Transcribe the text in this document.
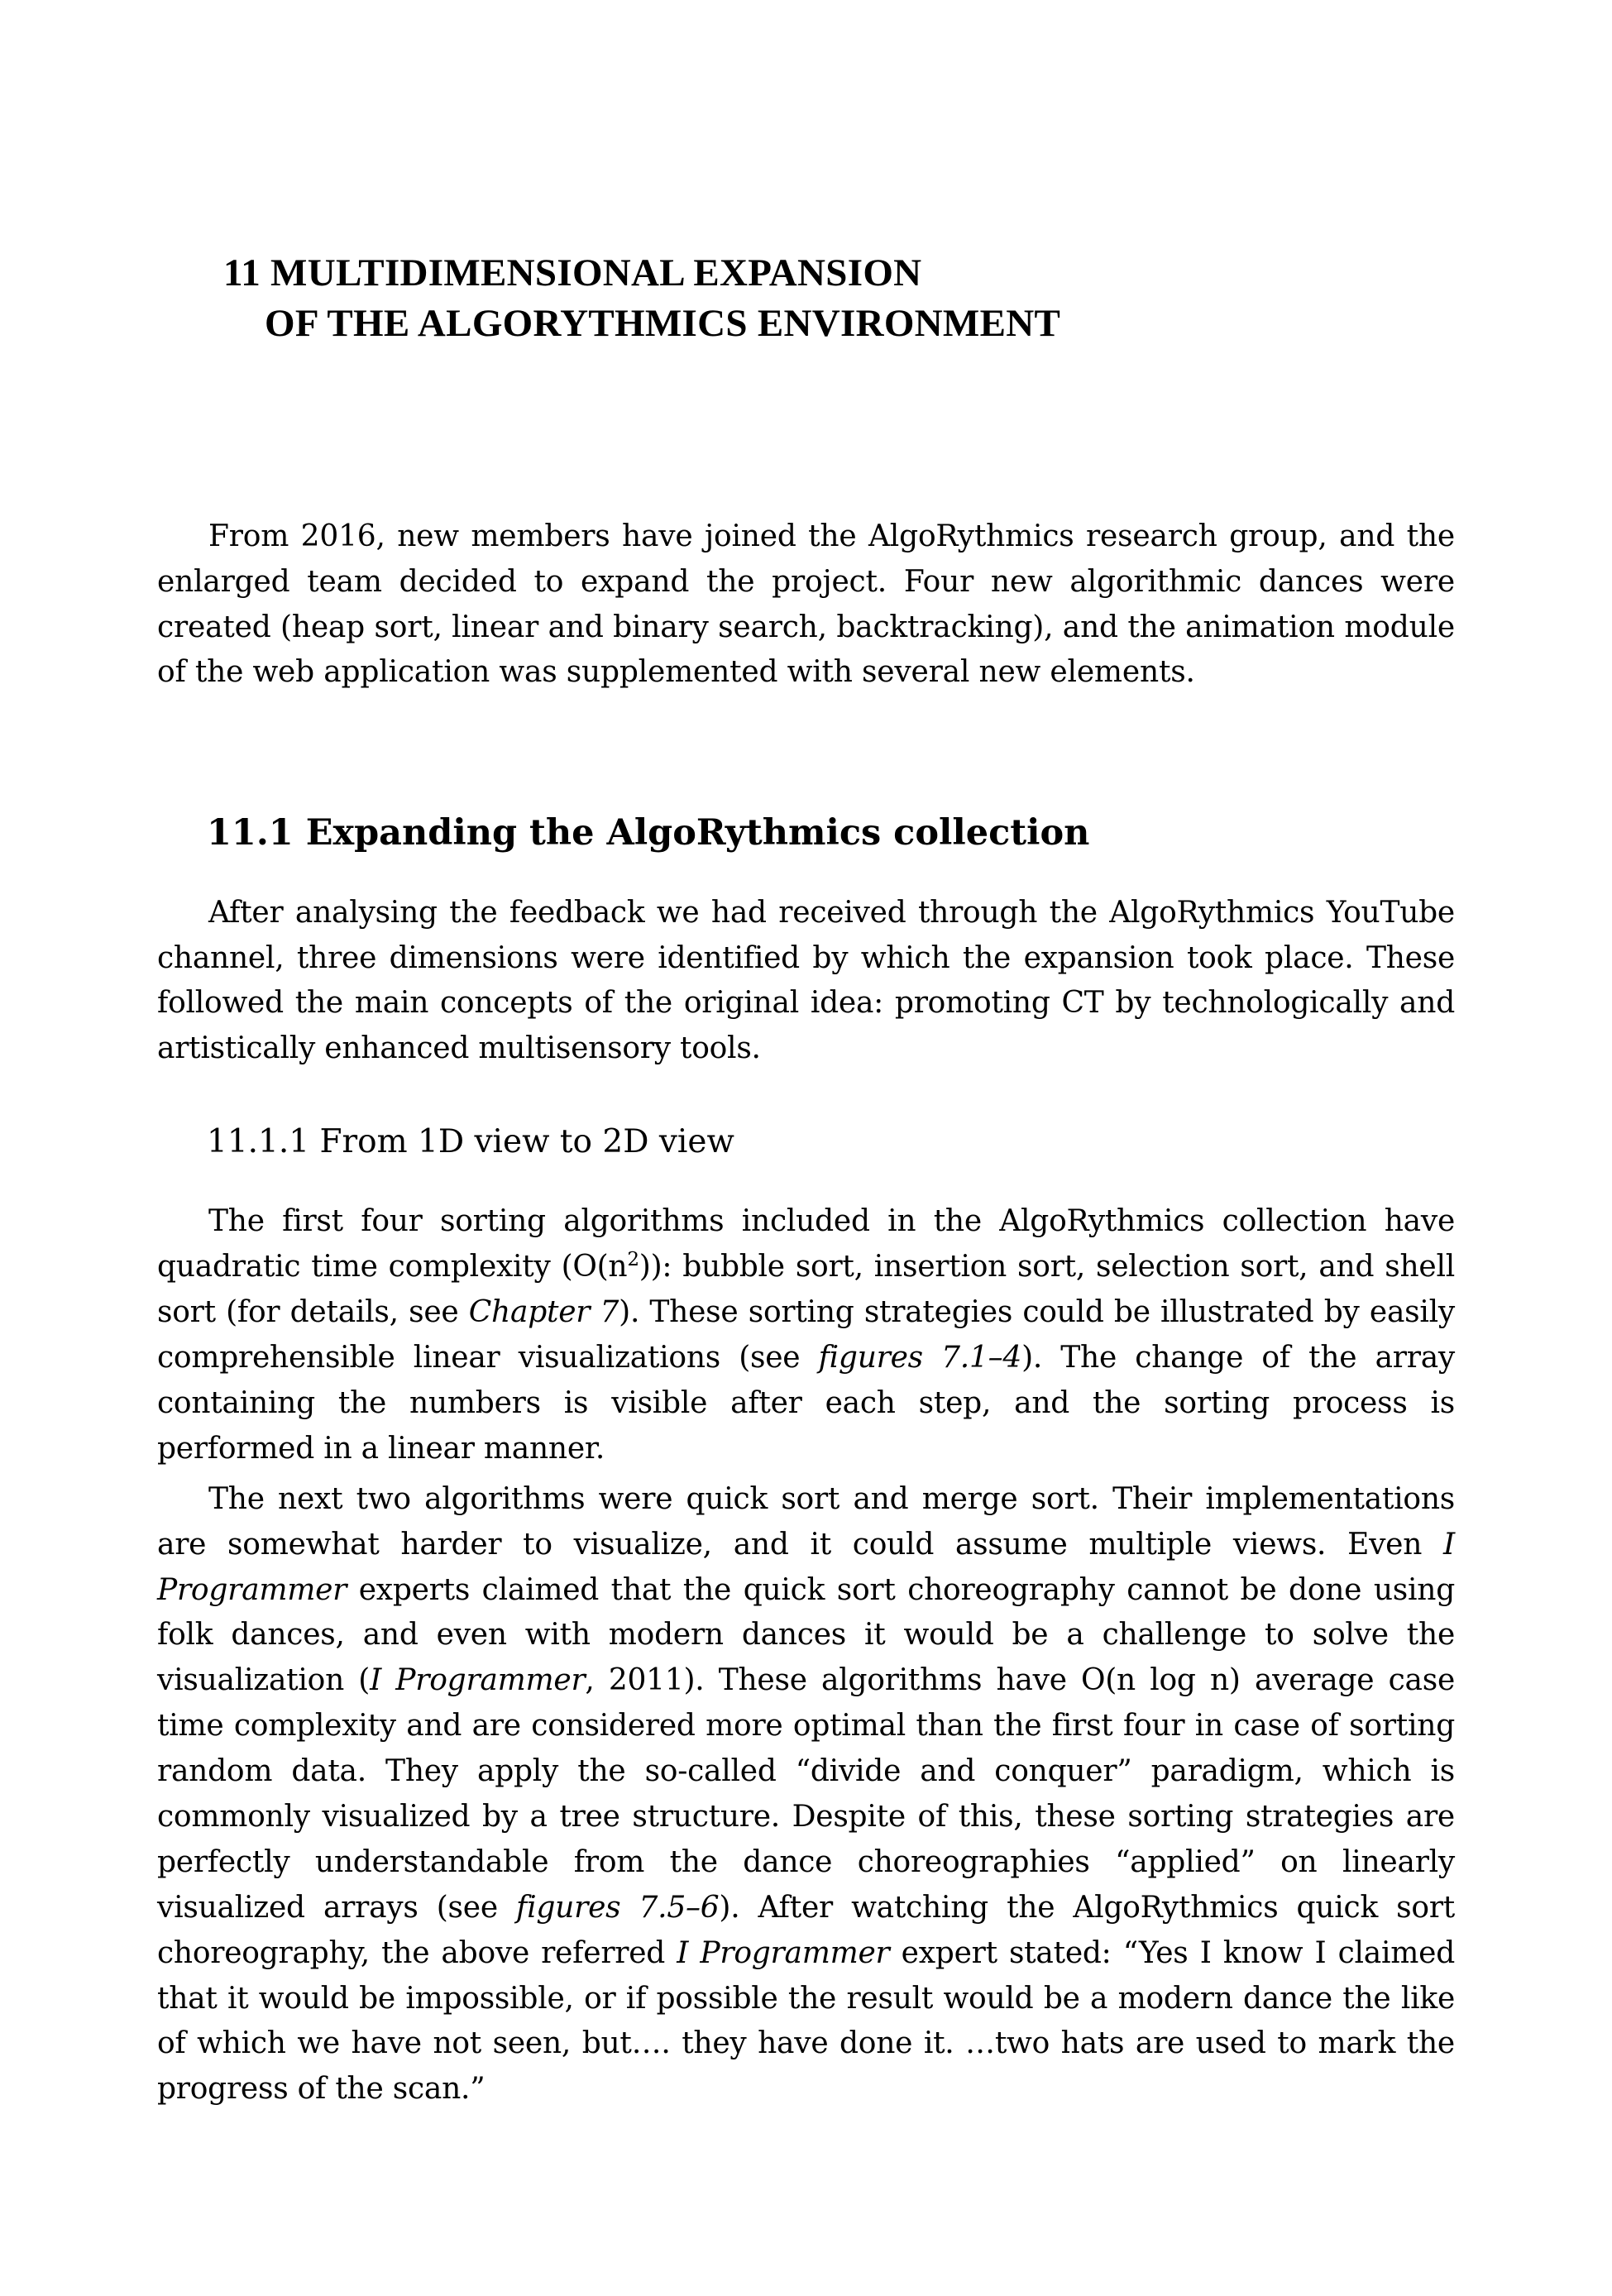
11 MULTIDIMENSIONAL EXPANSION
OF THE ALGORYTHMICS ENVIRONMENT

From 2016, new members have joined the AlgoRythmics research group, and the enlarged team decided to expand the project. Four new algorithmic dances were created (heap sort, linear and binary search, backtracking), and the animation module of the web application was supplemented with several new elements.

11.1 Expanding the AlgoRythmics collection

After analysing the feedback we had received through the AlgoRythmics YouTube channel, three dimensions were identified by which the expansion took place. These followed the main concepts of the original idea: promoting CT by technologically and artistically enhanced multisensory tools.

11.1.1 From 1D view to 2D view

The first four sorting algorithms included in the AlgoRythmics collection have quadratic time complexity $(O(n^2))$: bubble sort, insertion sort, selection sort, and shell sort (for details, see Chapter 7). These sorting strategies could be illustrated by easily comprehensible linear visualizations (see figures 7.1–4). The change of the array containing the numbers is visible after each step, and the sorting process is performed in a linear manner.

The next two algorithms were quick sort and merge sort. Their implementations are somewhat harder to visualize, and it could assume multiple views. Even I Programmer experts claimed that the quick sort choreography cannot be done using folk dances, and even with modern dances it would be a challenge to solve the visualization (I Programmer, 2011). These algorithms have O(n log n) average case time complexity and are considered more optimal than the first four in case of sorting random data. They apply the so-called “divide and conquer” paradigm, which is commonly visualized by a tree structure. Despite of this, these sorting strategies are perfectly understandable from the dance choreographies “applied” on linearly visualized arrays (see figures 7.5–6). After watching the AlgoRythmics quick sort choreography, the above referred I Programmer expert stated: “Yes I know I claimed that it would be impossible, or if possible the result would be a modern dance the like of which we have not seen, but…. they have done it. …two hats are used to mark the progress of the scan.”
